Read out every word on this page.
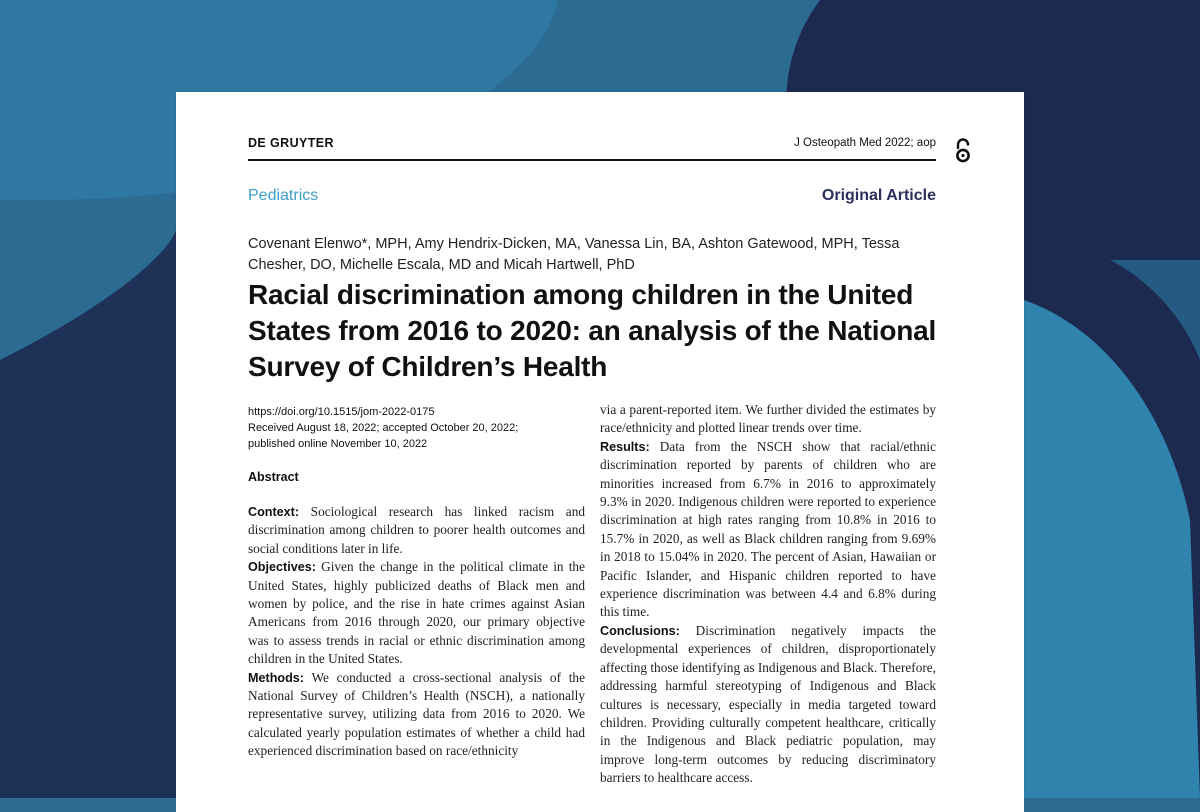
DE GRUYTER	J Osteopath Med 2022; aop
Pediatrics	Original Article
Covenant Elenwo*, MPH, Amy Hendrix-Dicken, MA, Vanessa Lin, BA, Ashton Gatewood, MPH, Tessa Chesher, DO, Michelle Escala, MD and Micah Hartwell, PhD
Racial discrimination among children in the United States from 2016 to 2020: an analysis of the National Survey of Children’s Health
https://doi.org/10.1515/jom-2022-0175
Received August 18, 2022; accepted October 20, 2022;
published online November 10, 2022
Abstract

Context: Sociological research has linked racism and discrimination among children to poorer health outcomes and social conditions later in life.

Objectives: Given the change in the political climate in the United States, highly publicized deaths of Black men and women by police, and the rise in hate crimes against Asian Americans from 2016 through 2020, our primary objective was to assess trends in racial or ethnic discrimination among children in the United States.

Methods: We conducted a cross-sectional analysis of the National Survey of Children’s Health (NSCH), a nationally representative survey, utilizing data from 2016 to 2020. We calculated yearly population estimates of whether a child had experienced discrimination based on race/ethnicity

via a parent-reported item. We further divided the estimates by race/ethnicity and plotted linear trends over time.

Results: Data from the NSCH show that racial/ethnic discrimination reported by parents of children who are minorities increased from 6.7% in 2016 to approximately 9.3% in 2020. Indigenous children were reported to experience discrimination at high rates ranging from 10.8% in 2016 to 15.7% in 2020, as well as Black children ranging from 9.69% in 2018 to 15.04% in 2020. The percent of Asian, Hawaiian or Pacific Islander, and Hispanic children reported to have experience discrimination was between 4.4 and 6.8% during this time.

Conclusions: Discrimination negatively impacts the developmental experiences of children, disproportionately affecting those identifying as Indigenous and Black. Therefore, addressing harmful stereotyping of Indigenous and Black cultures is necessary, especially in media targeted toward children. Providing culturally competent healthcare, critically in the Indigenous and Black pediatric population, may improve long-term outcomes by reducing discriminatory barriers to healthcare access.
